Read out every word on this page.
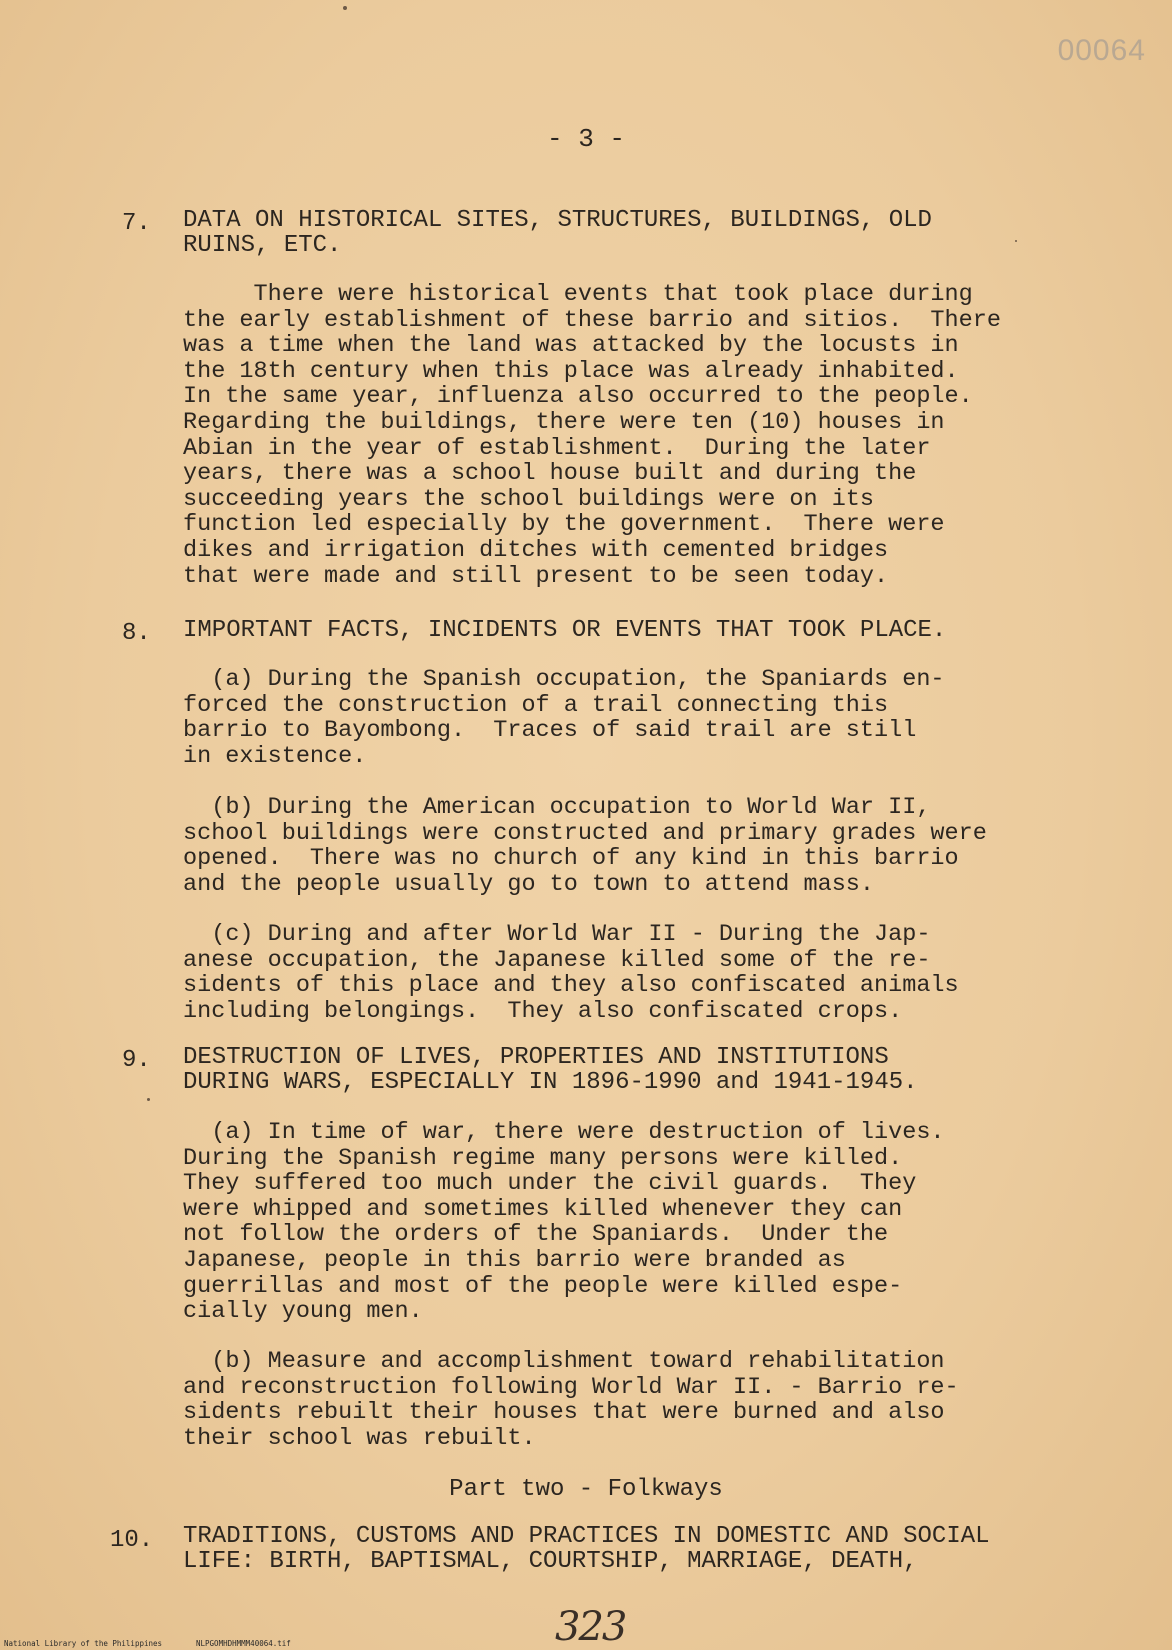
00064
- 3 -
7. DATA ON HISTORICAL SITES, STRUCTURES, BUILDINGS, OLD
RUINS, ETC.
There were historical events that took place during
the early establishment of these barrio and sitios.  There
was a time when the land was attacked by the locusts in
the 18th century when this place was already inhabited.
In the same year, influenza also occurred to the people.
Regarding the buildings, there were ten (10) houses in
Abian in the year of establishment.  During the later
years, there was a school house built and during the
succeeding years the school buildings were on its
function led especially by the government.  There were
dikes and irrigation ditches with cemented bridges
that were made and still present to be seen today.
8. IMPORTANT FACTS, INCIDENTS OR EVENTS THAT TOOK PLACE.
(a) During the Spanish occupation, the Spaniards en-
forced the construction of a trail connecting this
barrio to Bayombong.  Traces of said trail are still
in existence.
(b) During the American occupation to World War II,
school buildings were constructed and primary grades were
opened.  There was no church of any kind in this barrio
and the people usually go to town to attend mass.
(c) During and after World War II - During the Jap-
anese occupation, the Japanese killed some of the re-
sidents of this place and they also confiscated animals
including belongings.  They also confiscated crops.
9. DESTRUCTION OF LIVES, PROPERTIES AND INSTITUTIONS
DURING WARS, ESPECIALLY IN 1896-1990 and 1941-1945.
(a) In time of war, there were destruction of lives.
During the Spanish regime many persons were killed.
They suffered too much under the civil guards.  They
were whipped and sometimes killed whenever they can
not follow the orders of the Spaniards.  Under the
Japanese, people in this barrio were branded as
guerrillas and most of the people were killed espe-
cially young men.
(b) Measure and accomplishment toward rehabilitation
and reconstruction following World War II. - Barrio re-
sidents rebuilt their houses that were burned and also
their school was rebuilt.
Part two - Folkways
10. TRADITIONS, CUSTOMS AND PRACTICES IN DOMESTIC AND SOCIAL
LIFE: BIRTH, BAPTISMAL, COURTSHIP, MARRIAGE, DEATH,
323
National Library of the Philippines	NLPGOMHDHMMM40064.tif
